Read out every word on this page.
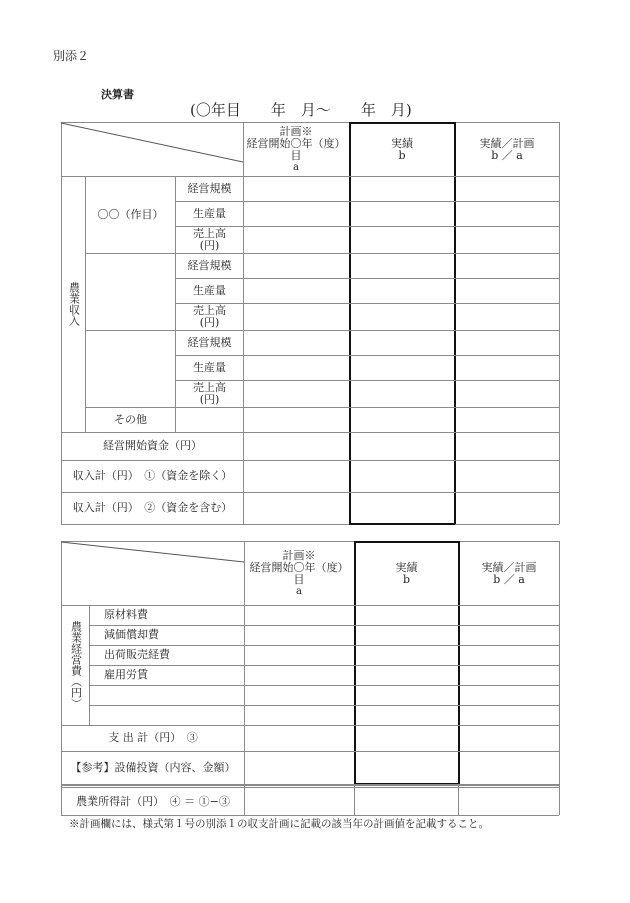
別添２
決算書
(〇年目　　年　月～　　年　月)
計画※
経営開始〇年（度）
目
a
実績
b
実績／計画
b ／ a
農業収入
〇〇（作目）
経営規模
生産量
売上高
(円)
経営規模
生産量
売上高
(円)
経営規模
生産量
売上高
(円)
その他
経営開始資金（円）
収入計（円）　①（資金を除く）
収入計（円）　②（資金を含む）
計画※
経営開始〇年（度）
目
a
実績
b
実績／計画
b ／ a
農業経営費（円）
原材料費
減価償却費
出荷販売経費
雇用労賃
支 出 計（円）　③
【参考】設備投資（内容、金額）
農業所得計（円）　④ ＝ ①−③
※計画欄には、様式第１号の別添１の収支計画に記載の該当年の計画値を記載すること。
